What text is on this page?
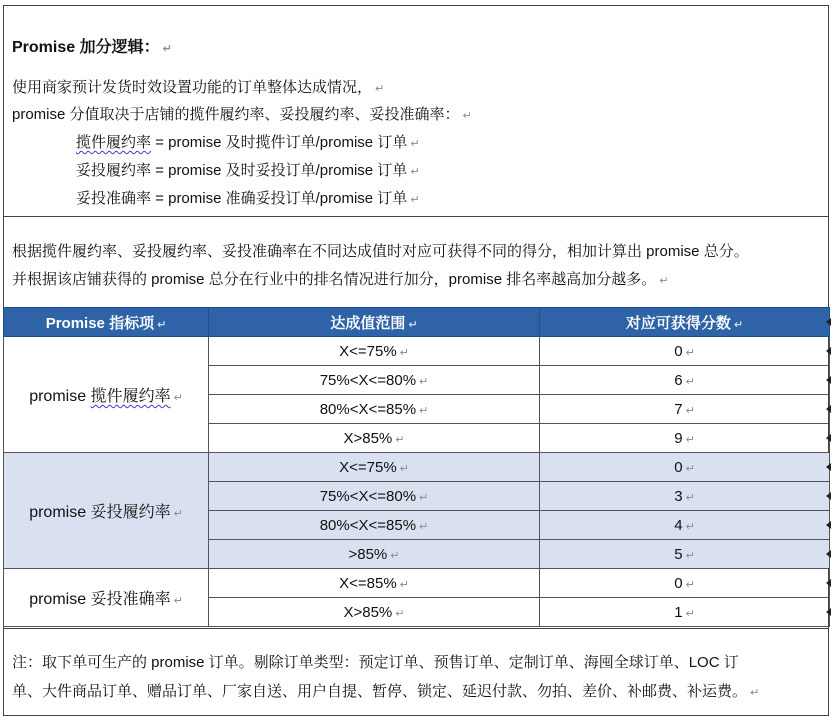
Promise 加分逻辑： ↵
使用商家预计发货时效设置功能的订单整体达成情况， ↵
promise 分值取决于店铺的揽件履约率、妥投履约率、妥投准确率： ↵
揽件履约率 = promise 及时揽件订单/promise 订单 ↵
妥投履约率 = promise 及时妥投订单/promise 订单 ↵
妥投准确率 = promise 准确妥投订单/promise 订单 ↵
根据揽件履约率、妥投履约率、妥投准确率在不同达成值时对应可获得不同的得分，相加计算出 promise 总分。
并根据该店铺获得的 promise 总分在行业中的排名情况进行加分，promise 排名率越高加分越多。 ↵
Promise 指标项 ↵	达成值范围 ↵	对应可获得分数 ↵
promise 揽件履约率 ↵	X<=75% ↵	0 ↵
	75%<X<=80% ↵	6 ↵
	80%<X<=85% ↵	7 ↵
	X>85% ↵	9 ↵
promise 妥投履约率 ↵	X<=75% ↵	0 ↵
	75%<X<=80% ↵	3 ↵
	80%<X<=85% ↵	4 ↵
	>85% ↵	5 ↵
promise 妥投准确率 ↵	X<=85% ↵	0 ↵
	X>85% ↵	1 ↵
注：取下单可生产的 promise 订单。剔除订单类型：预定订单、预售订单、定制订单、海囤全球订单、LOC 订
单、大件商品订单、赠品订单、厂家自送、用户自提、暂停、锁定、延迟付款、勿拍、差价、补邮费、补运费。 ↵
